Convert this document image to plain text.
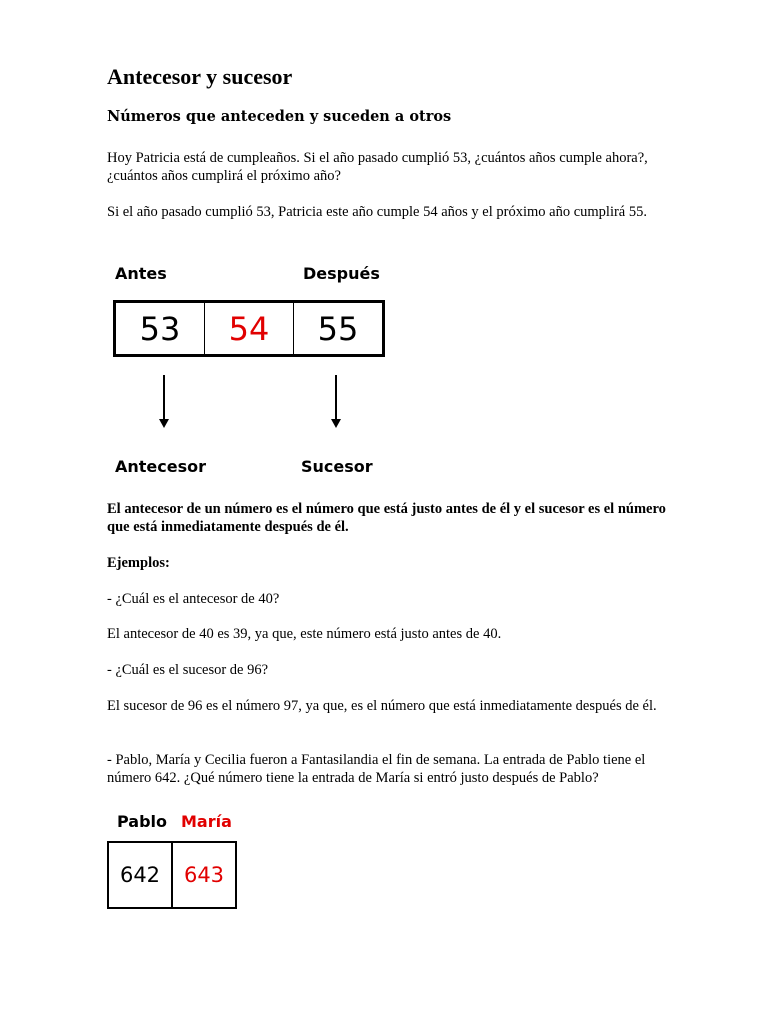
Antecesor y sucesor
Números que anteceden y suceden a otros

Hoy Patricia está de cumpleaños. Si el año pasado cumplió 53, ¿cuántos años cumple ahora?, ¿cuántos años cumplirá el próximo año?

Si el año pasado cumplió 53, Patricia este año cumple 54 años y el próximo año cumplirá 55.

El antecesor de un número es el número que está justo antes de él y el sucesor es el número que está inmediatamente después de él.

Ejemplos:

- ¿Cuál es el antecesor de 40?

El antecesor de 40 es 39, ya que, este número está justo antes de 40.

- ¿Cuál es el sucesor de 96?

El sucesor de 96 es el número 97, ya que, es el número que está inmediatamente después de él.

- Pablo, María y Cecilia fueron a Fantasilandia el fin de semana. La entrada de Pablo tiene el número 642. ¿Qué número tiene la entrada de María si entró justo después de Pablo?

Antes	Después
53	54	55
Antecesor	Sucesor
Pablo María
642	643
